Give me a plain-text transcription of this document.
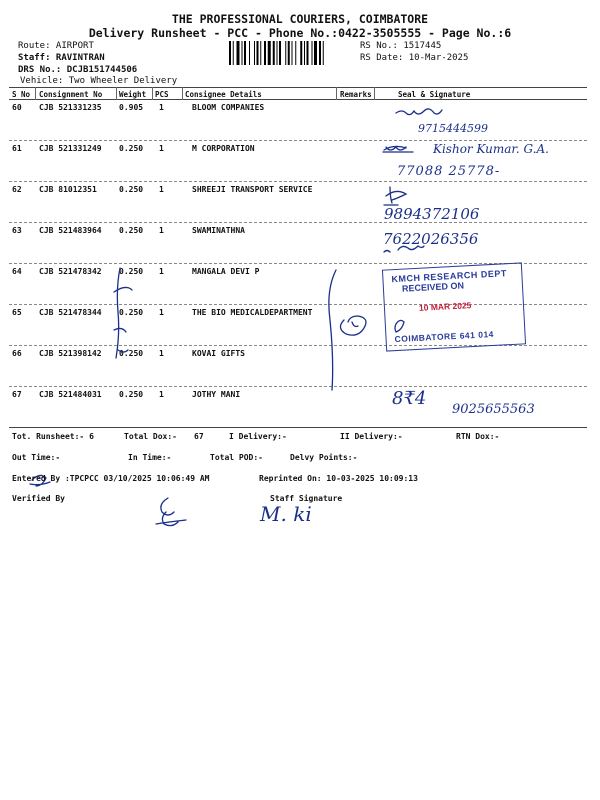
THE PROFESSIONAL COURIERS, COIMBATORE
Delivery Runsheet - PCC - Phone No.:0422-3505555 - Page No.:6
Route: AIRPORT
Staff: RAVINTRAN
DRS No.: DCJB151744506
Vehicle: Two Wheeler Delivery
RS No.: 1517445
RS Date: 10-Mar-2025
S No Consignment No Weight PCS Consignee Details	Remarks	Seal & Signature
60 CJB 521331235 0.905 1	BLOOM COMPANIES
61 CJB 521331249 0.250 1	M CORPORATION
62 CJB 81012351	0.250 1	SHREEJI TRANSPORT SERVICE
63 CJB 521483964 0.250 1	SWAMINATHNA
64 CJB 521478342 0.250 1	MANGALA DEVI P
65 CJB 521478344 0.250 1	THE BIO MEDICALDEPARTMENT
66 CJB 521398142 0.250 1	KOVAI GIFTS
67 CJB 521484031 0.250 1	JOTHY MANI
9715444599
Kishor Kumar. G.A.
77088 25778-
9894372106
7622026356
8₹4
9025655563
KMCH RESEARCH DEPT
RECEIVED ON
10 MAR 2025
COIMBATORE 641 014
Tot. Runsheet:- 6	Total Dox:- 67	I Delivery:-	II Delivery:-	RTN Dox:-
Out Time:-	In Time:-	Total POD:-	Delvy Points:-
Entered By :TPCPCC 03/10/2025 10:06:49 AM	Reprinted On: 10-03-2025 10:09:13
Verified By	Staff Signature
M. ki
